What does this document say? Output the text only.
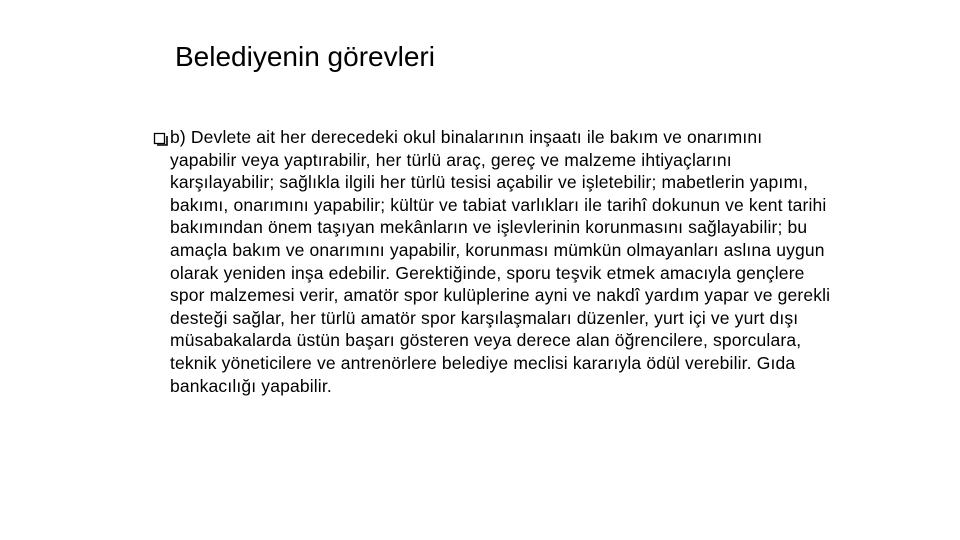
Belediyenin görevleri

b) Devlete ait her derecedeki okul binalarının inşaatı ile bakım ve onarımını yapabilir veya yaptırabilir, her türlü araç, gereç ve malzeme ihtiyaçlarını karşılayabilir; sağlıkla ilgili her türlü tesisi açabilir ve işletebilir; mabetlerin yapımı, bakımı, onarımını yapabilir; kültür ve tabiat varlıkları ile tarihî dokunun ve kent tarihi bakımından önem taşıyan mekânların ve işlevlerinin korunmasını sağlayabilir; bu amaçla bakım ve onarımını yapabilir, korunması mümkün olmayanları aslına uygun olarak yeniden inşa edebilir. Gerektiğinde, sporu teşvik etmek amacıyla gençlere spor malzemesi verir, amatör spor kulüplerine ayni ve nakdî yardım yapar ve gerekli desteği sağlar, her türlü amatör spor karşılaşmaları düzenler, yurt içi ve yurt dışı müsabakalarda üstün başarı gösteren veya derece alan öğrencilere, sporculara, teknik yöneticilere ve antrenörlere belediye meclisi kararıyla ödül verebilir. Gıda bankacılığı yapabilir.
